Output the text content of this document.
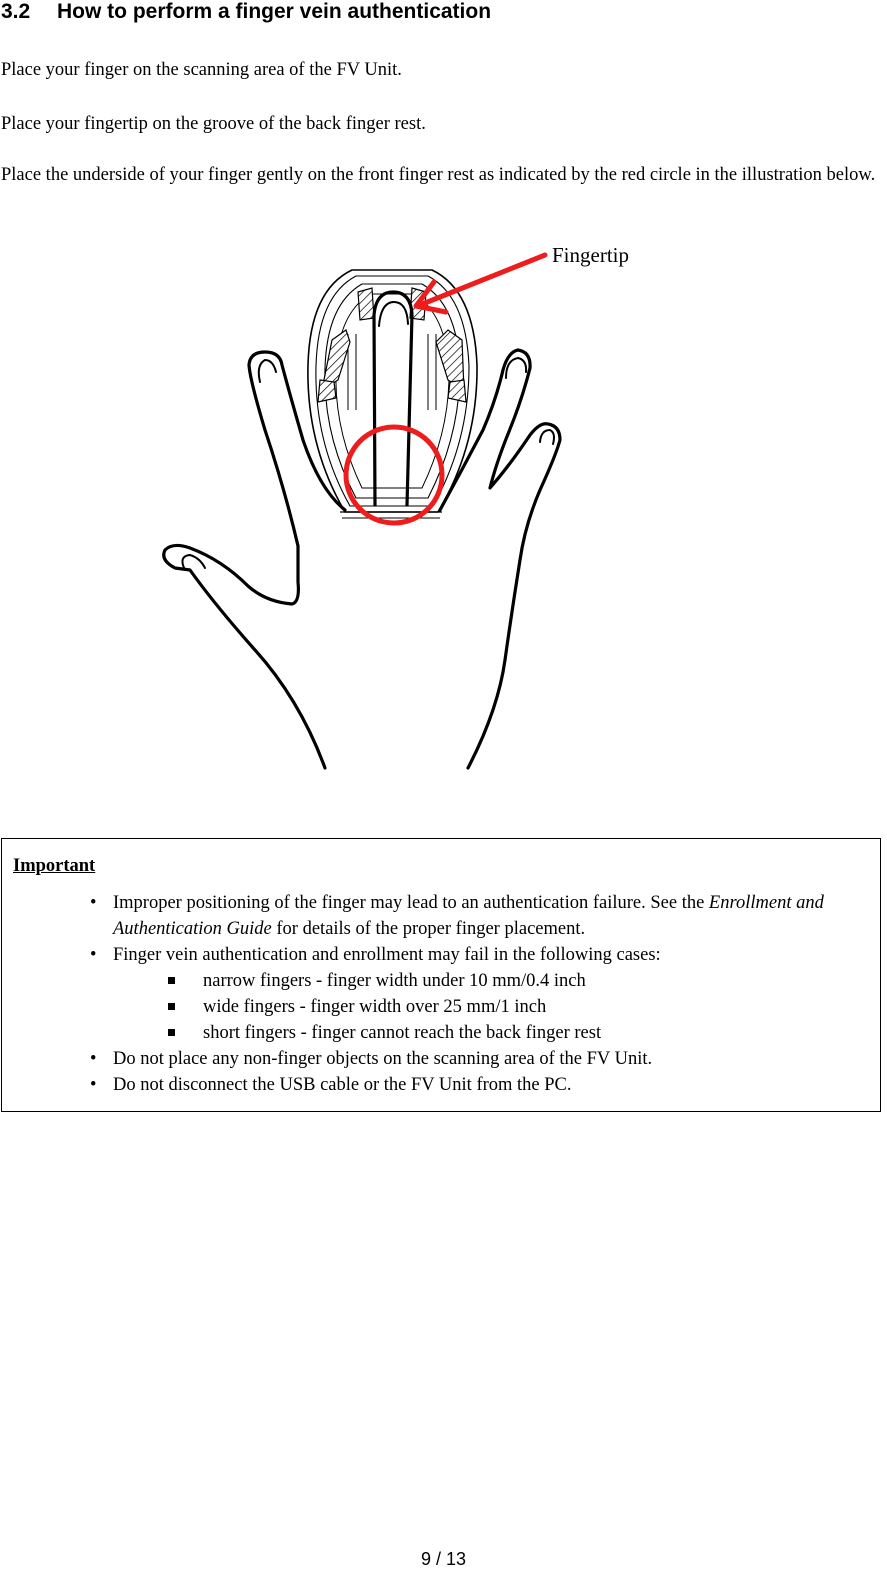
3.2 How to perform a finger vein authentication
Place your finger on the scanning area of the FV Unit.
Place your fingertip on the groove of the back finger rest.
Place the underside of your finger gently on the front finger rest as indicated by the red circle in the illustration below.
Fingertip
Important
• Improper positioning of the finger may lead to an authentication failure. See the Enrollment and Authentication Guide for details of the proper finger placement.
• Finger vein authentication and enrollment may fail in the following cases:
narrow fingers - finger width under 10 mm/0.4 inch
wide fingers - finger width over 25 mm/1 inch
short fingers - finger cannot reach the back finger rest
• Do not place any non-finger objects on the scanning area of the FV Unit.
• Do not disconnect the USB cable or the FV Unit from the PC.
9 / 13
